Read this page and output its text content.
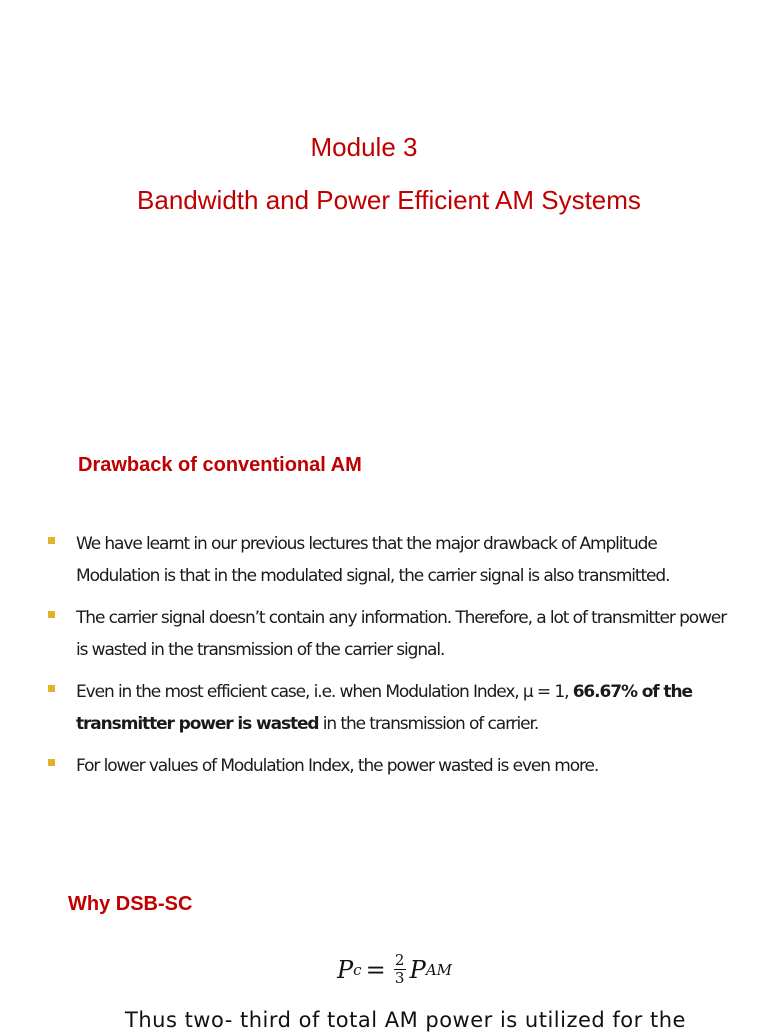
Module 3
Bandwidth and Power Efficient AM Systems
Drawback of conventional AM
We have learnt in our previous lectures that the major drawback of Amplitude Modulation is that in the modulated signal, the carrier signal is also transmitted.
The carrier signal doesn’t contain any information. Therefore, a lot of transmitter power is wasted in the transmission of the carrier signal.
Even in the most efficient case, i.e. when Modulation Index, μ = 1, 66.67% of the transmitter power is wasted in the transmission of carrier.
For lower values of Modulation Index, the power wasted is even more.
Why DSB-SC
P $c = \frac{2}{3}$ P AM
Thus two- third of total AM power is utilized for the
